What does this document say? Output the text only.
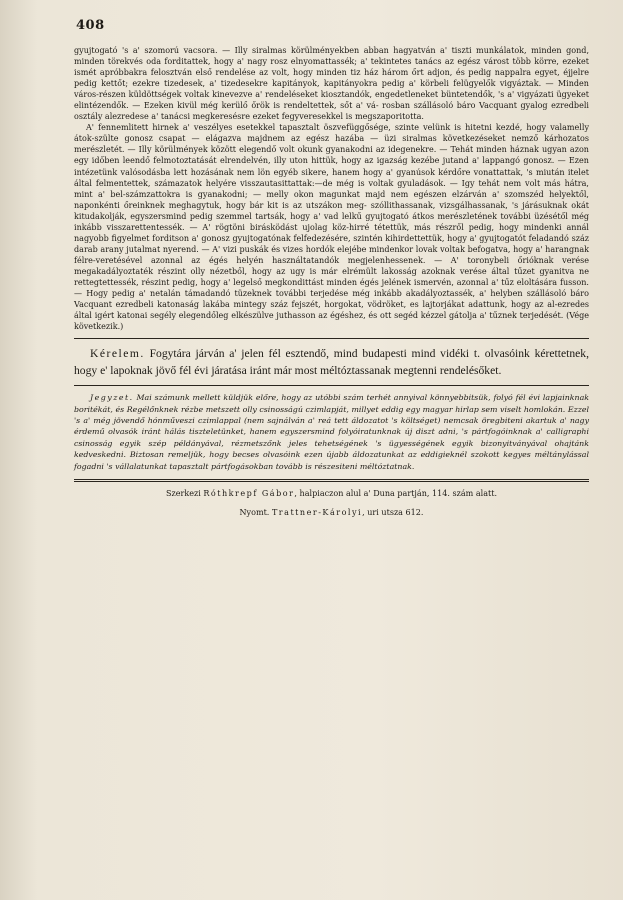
408

gyujtogató 's a' szomorú vacsora. — Illy siralmas körülményekben abban hagyatván a' tiszti munkálatok, minden gond, minden törekvés oda forditattek, hogy a' nagy rosz elnyomattassék; a' tekintetes tanács az egész várost több körre, ezeket ismét apróbbakra felosztván első rendelése az volt, hogy minden tiz ház három őrt adjon, és pedig nappalra egyet, éjjelre pedig kettőt; ezekre tizedesek, a' tizedesekre kapitányok, kapitányokra pedig a' körbeli felügyelők vigyáztak. — Minden város-részen küldöttségek voltak kinevezve a' rendeléseket kiosztandók, engedetleneket büntetendők, 's a' vigyázati ügyeket elintézendők. — Ezeken kivül még kerülő őrök is rendeltettek, sőt a' vá- rosban szállásoló báro Vacquant gyalog ezredbeli osztály alezredese a' tanácsi megkeresésre ezeket fegyveresekkel is megszaporitotta.

A' fennemlitett hirnek a' veszélyes esetekkel tapasztalt öszvefüggősége, szinte velünk is hitetni kezdé, hogy valamelly átok-szülte gonosz csapat — elágazva majdnem az egész hazába — üzi siralmas következéseket nemző kárhozatos merészletét. — Illy körülmények között elegendő volt okunk gyanakodni az idegenekre. — Tehát minden háznak ugyan azon egy időben leendő felmotoztatását elrendelvén, illy uton hittük, hogy az igazság kezébe jutand a' lappangó gonosz. — Ezen intézetünk valósodásba lett hozásának nem lön egyéb sikere, hanem hogy a' gyanúsok kérdőre vonattattak, 's miután itelet által felmentettek, számazatok helyére visszautasittattak:—de még is voltak gyuladások. — Igy tehát nem volt más hátra, mint a' bel-számzattokra is gyanakodni; — melly okon magunkat majd nem egészen elzárván a' szomszéd helyektől, naponkénti őreinknek meghagytuk, hogy bár kit is az utszákon meg- szóllithassanak, vizsgálhassanak, 's járásuknak okát kitudakolják, egyszersmind pedig szemmel tartsák, hogy a' vad lelkű gyujtogató átkos merészletének további üzésétől még inkább visszarettentessék. — A' rögtöni birásködást ujolag köz-hirré tétettük, más részről pedig, hogy mindenki annál nagyobb figyelmet forditson a' gonosz gyujtogatónak felfedezésére, szintén kihirdettettük, hogy a' gyujtogatót feladandó száz darab arany jutalmat nyerend. — A' vizi puskák és vizes hordók elejébe mindenkor lovak voltak befogatva, hogy a' harangnak félre-veretésével azonnal az égés helyén használtatandók megjelenhessenek. — A' toronybeli őrióknak verése megakadályoztaték részint olly nézetből, hogy az ugy is már elrémült lakosság azoknak verése által tűzet gyanitva ne rettegtettessék, részint pedig, hogy a' legelső megkondittást minden égés jelének ismervén, azonnal a' tűz eloltására fusson. — Hogy pedig a' netalán támadandó tüzeknek további terjedése még inkább akadályoztassék, a' helyben szállásoló báro Vacquant ezredbeli katonaság lakába mintegy száz fejszét, horgokat, vödröket, es lajtorjákat adattunk, hogy az al-ezredes által igért katonai segély elegendőleg elkészülve juthasson az égéshez, és ott segéd kézzel gátolja a' tűznek terjedését. (Vége következik.)

Kérelem. Fogytára járván a' jelen fél esztendő, mind budapesti mind vidéki t. olvasóink kérettetnek, hogy e' lapoknak jövő fél évi járatása iránt már most méltóztassanak megtenni rendelésőket.

Jegyzet. Mai számunk mellett küldjük előre, hogy az utóbbi szám terhét annyival könnyebbitsük, folyó fél évi lapjainknak boritékát, és Regélőnknek rézbe metszett olly csinosságú czimlapját, millyet eddig egy magyar hirlap sem viselt homlokán. Ezzel 's a' még jövendő hónműveszi czimlappal (nem sajnálván a' reá tett áldozatot 's költséget) nemcsak öregbiteni akartuk a' nagy érdemű olvasók iránt hálás tiszteletünket, hanem egyszersmind folyóiratunknak új diszt adni, 's pártfogóinknak a' calligraphi csinosság egyik szép példányával, rézmetszőnk jeles tehetségének 's ügyességének egyik bizonyitványával ohajtánk kedveskedni. Biztosan remeljük, hogy becses olvasóink ezen újabb áldozatunkat az eddigieknél szokott kegyes méltánylással fogadni 's vállalatunkat tapasztalt pártfogásokban tovább is részesiteni méltóztatnak.

Szerkezi Róthkrepf Gábor, halpiaczon alul a' Duna partján, 114. szám alatt.

Nyomt. Trattner-Károlyi, uri utsza 612.
